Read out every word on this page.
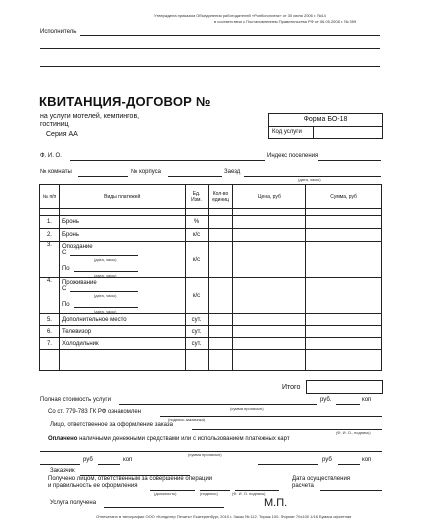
Утверждена приказом Объединения работодателей «Ропбогслиега» от 30 июня 2006 г. №14
в соответствии с Постановлением Правительства РФ от 06.05.2008 г. № 359
Исполнитель
КВИТАНЦИЯ-ДОГОВОР №
на услуги мотелей, кемпингов,
гостиниц
Серия АА
Форма БО-18
Код услуги
Ф. И. О.	Индекс поселения
№ комнаты	№ корпуса	Заезд
(дата, часы)
№ п/п	Виды платежей	Ед. Изм.	Кол-во единиц	Цена, руб	Сумма, руб

1.	Бронь	%			
2.	Бронь	к/с			
3.	Опоздание
С
(дата, часы)
По
(дата, часы)	к/с			
4.	Проживание
С
(дата, часы)
По
(дата, часы)	к/с			
5.	Дополнительное место	сут.			
6.	Телевизор	сут.			
7.	Холодильник	сут.			

Итого
Полная стоимость услуги	руб.	коп
(сумма прописью)
Со ст. 779-783 ГК РФ ознакомлен
(подпись заказчика)
Лицо, ответственное за оформление заказа
(Ф. И. О., подпись)
Оплачено наличными денежными средствами или с использованием платежных карт
(сумма прописью)
руб	коп	руб	коп
Заказчик
Получено лицом, ответственным за совершение операции
и правильность ее оформления
(должность)	(подпись)	(Ф. И. О. подпись)
Дата осуществления
расчета
Услуга получена	М.П.
Отпечатано в типографии ООО «Кондитер Печать» Екатеринбург, 2010 г. Заказ № 112. Тираж 100. Формат 70х100 1/16 Бумага офсетная
